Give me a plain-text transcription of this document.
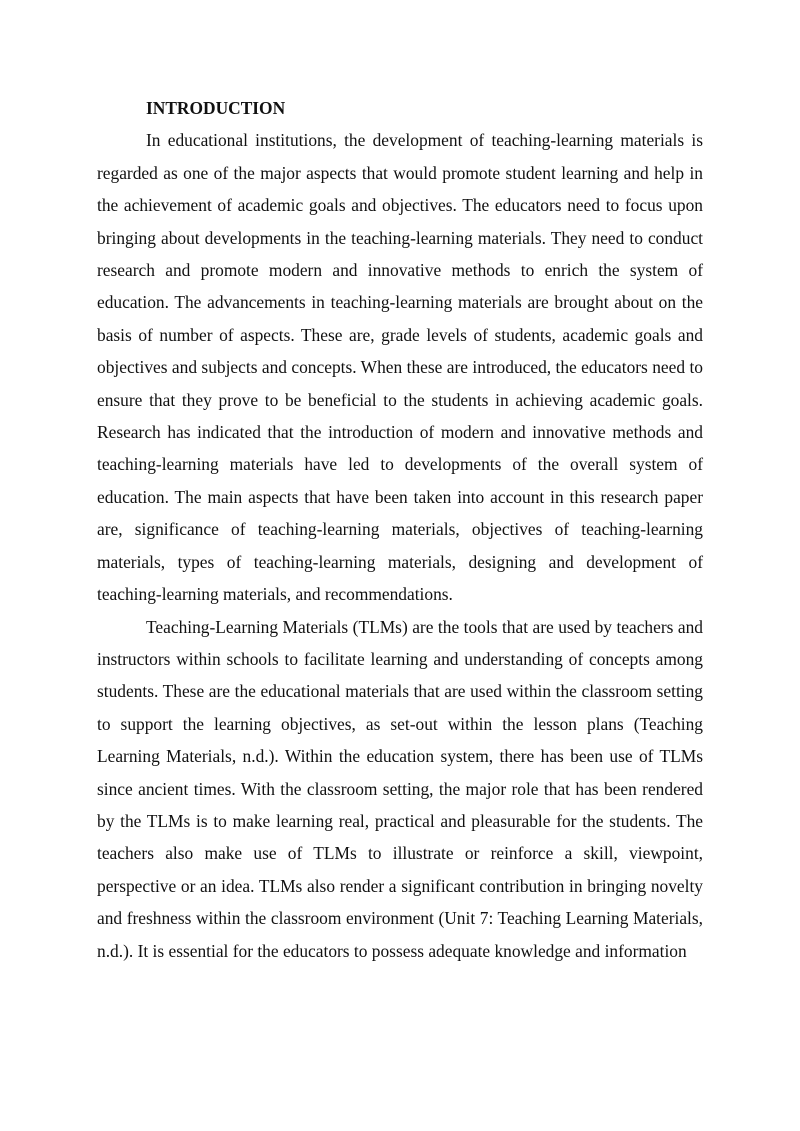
INTRODUCTION

In educational institutions, the development of teaching-learning materials is regarded as one of the major aspects that would promote student learning and help in the achievement of academic goals and objectives. The educators need to focus upon bringing about developments in the teaching-learning materials. They need to conduct research and promote modern and innovative methods to enrich the system of education. The advancements in teaching-learning materials are brought about on the basis of number of aspects. These are, grade levels of students, academic goals and objectives and subjects and concepts. When these are introduced, the educators need to ensure that they prove to be beneficial to the students in achieving academic goals. Research has indicated that the introduction of modern and innovative methods and teaching-learning materials have led to developments of the overall system of education. The main aspects that have been taken into account in this research paper are, significance of teaching-learning materials, objectives of teaching-learning materials, types of teaching-learning materials, designing and development of teaching-learning materials, and recommendations.

Teaching-Learning Materials (TLMs) are the tools that are used by teachers and instructors within schools to facilitate learning and understanding of concepts among students. These are the educational materials that are used within the classroom setting to support the learning objectives, as set-out within the lesson plans (Teaching Learning Materials, n.d.). Within the education system, there has been use of TLMs since ancient times. With the classroom setting, the major role that has been rendered by the TLMs is to make learning real, practical and pleasurable for the students. The teachers also make use of TLMs to illustrate or reinforce a skill, viewpoint, perspective or an idea. TLMs also render a significant contribution in bringing novelty and freshness within the classroom environment (Unit 7: Teaching Learning Materials, n.d.). It is essential for the educators to possess adequate knowledge and information
